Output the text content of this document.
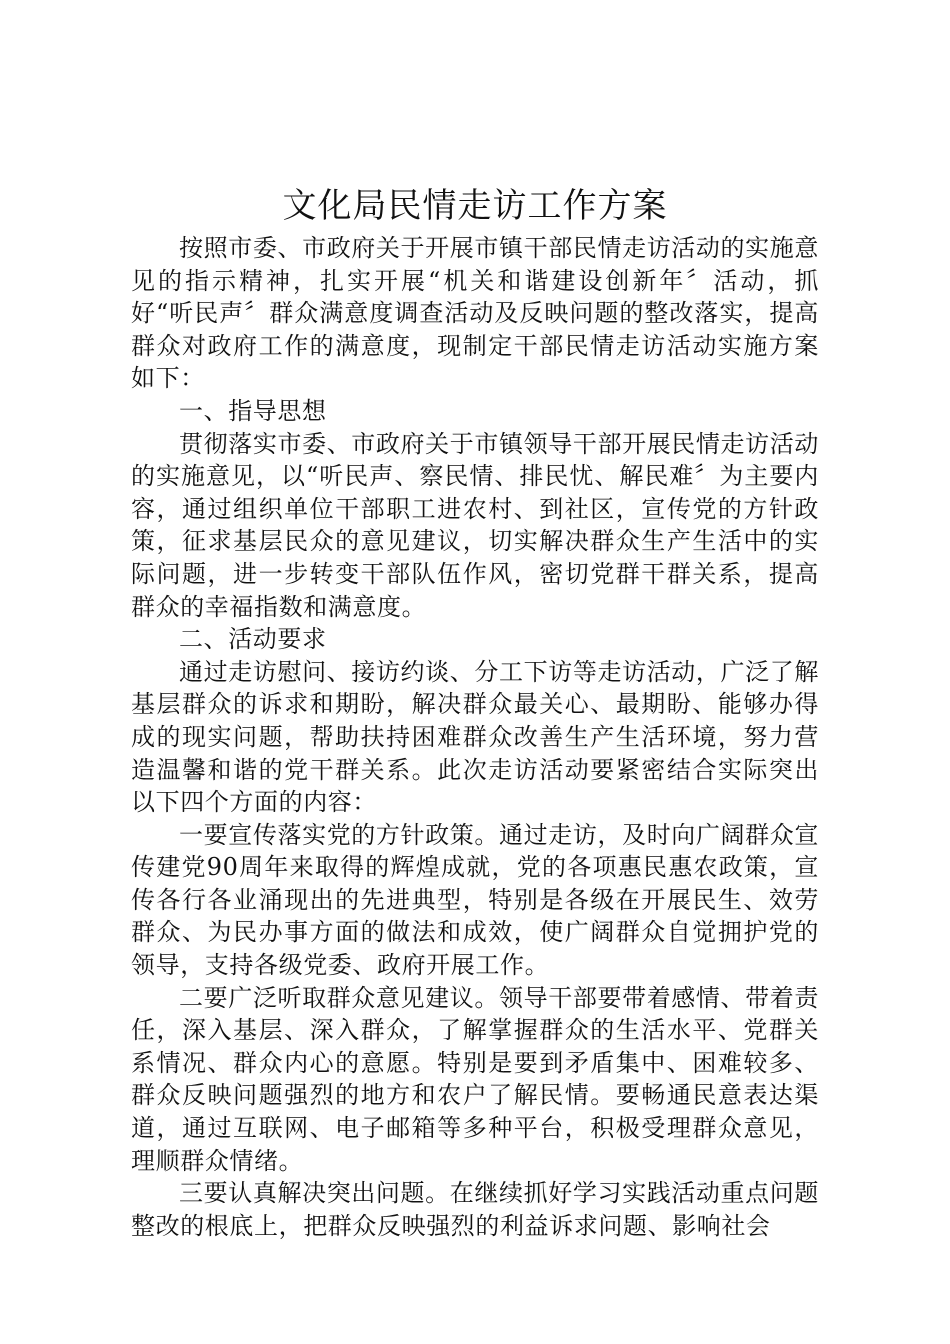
文化局民情走访工作方案

按照市委、市政府关于开展市镇干部民情走访活动的实施意见的指示精神，扎实开展“机关和谐建设创新年〞活动，抓好“听民声〞群众满意度调查活动及反映问题的整改落实，提高群众对政府工作的满意度，现制定干部民情走访活动实施方案如下：

一、指导思想

贯彻落实市委、市政府关于市镇领导干部开展民情走访活动的实施意见，以“听民声、察民情、排民忧、解民难〞为主要内容，通过组织单位干部职工进农村、到社区，宣传党的方针政策，征求基层民众的意见建议，切实解决群众生产生活中的实际问题，进一步转变干部队伍作风，密切党群干群关系，提高群众的幸福指数和满意度。

二、活动要求

通过走访慰问、接访约谈、分工下访等走访活动，广泛了解基层群众的诉求和期盼，解决群众最关心、最期盼、能够办得成的现实问题，帮助扶持困难群众改善生产生活环境，努力营造温馨和谐的党干群关系。此次走访活动要紧密结合实际突出以下四个方面的内容：

一要宣传落实党的方针政策。通过走访，及时向广阔群众宣传建党90周年来取得的辉煌成就，党的各项惠民惠农政策，宣传各行各业涌现出的先进典型，特别是各级在开展民生、效劳群众、为民办事方面的做法和成效，使广阔群众自觉拥护党的领导，支持各级党委、政府开展工作。

二要广泛听取群众意见建议。领导干部要带着感情、带着责任，深入基层、深入群众，了解掌握群众的生活水平、党群关系情况、群众内心的意愿。特别是要到矛盾集中、困难较多、群众反映问题强烈的地方和农户了解民情。要畅通民意表达渠道，通过互联网、电子邮箱等多种平台，积极受理群众意见，理顺群众情绪。

三要认真解决突出问题。在继续抓好学习实践活动重点问题整改的根底上，把群众反映强烈的利益诉求问题、影响社会
